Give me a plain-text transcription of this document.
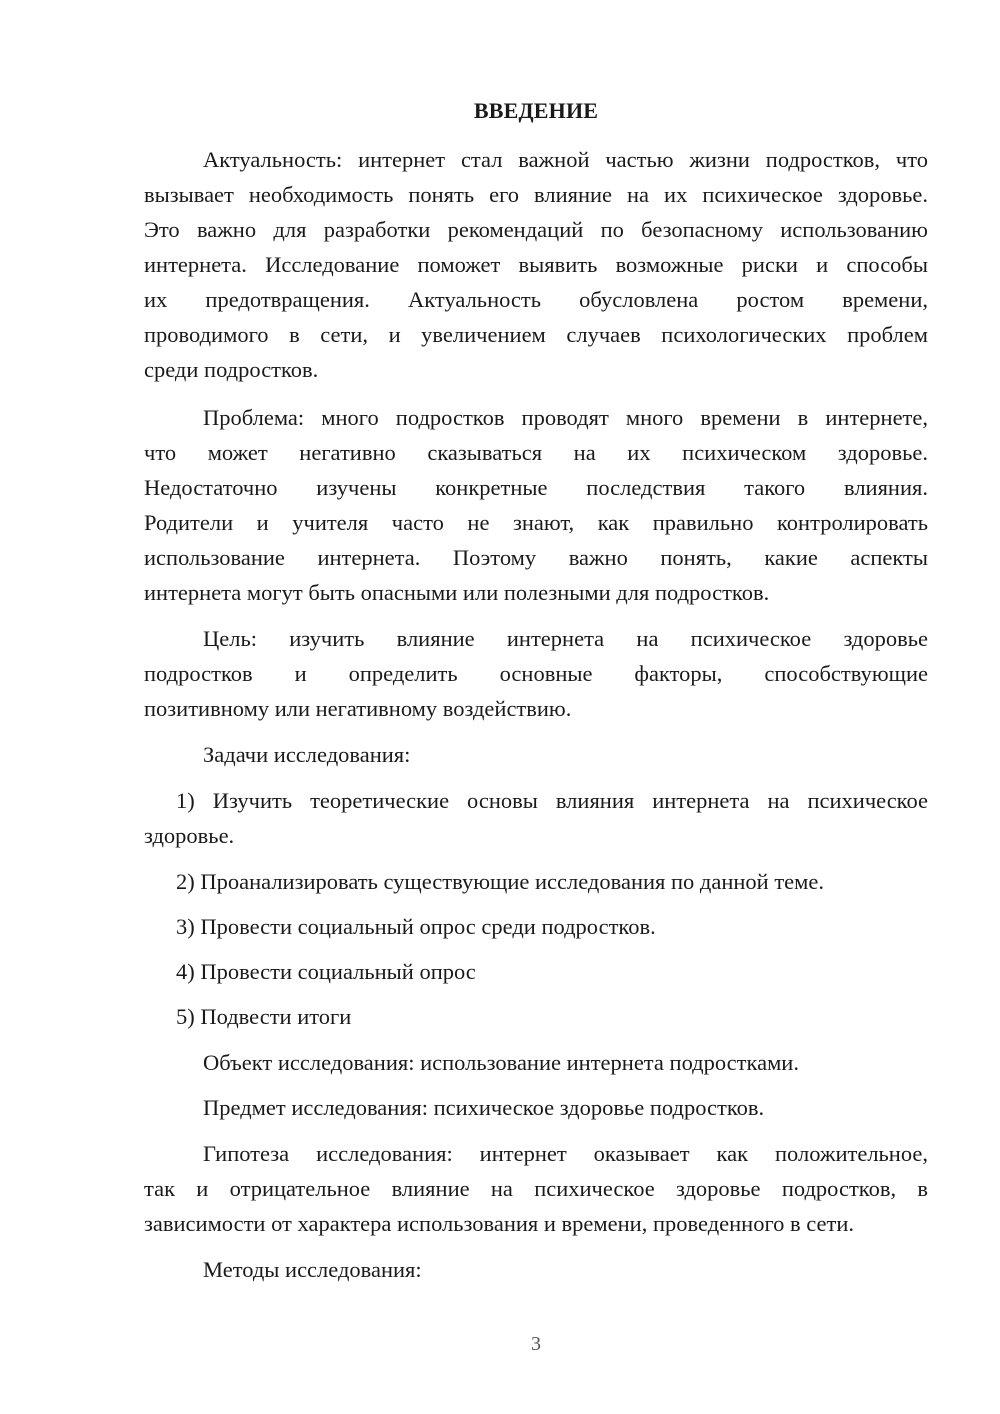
ВВЕДЕНИЕ
Актуальность: интернет стал важной частью жизни подростков, что
вызывает необходимость понять его влияние на их психическое здоровье.
Это важно для разработки рекомендаций по безопасному использованию
интернета. Исследование поможет выявить возможные риски и способы
их предотвращения. Актуальность обусловлена ростом времени,
проводимого в сети, и увеличением случаев психологических проблем
среди подростков.
Проблема: много подростков проводят много времени в интернете,
что может негативно сказываться на их психическом здоровье.
Недостаточно изучены конкретные последствия такого влияния.
Родители и учителя часто не знают, как правильно контролировать
использование интернета. Поэтому важно понять, какие аспекты
интернета могут быть опасными или полезными для подростков.
Цель: изучить влияние интернета на психическое здоровье
подростков и определить основные факторы, способствующие
позитивному или негативному воздействию.
Задачи исследования:
1) Изучить теоретические основы влияния интернета на психическое
здоровье.
2) Проанализировать существующие исследования по данной теме.
3) Провести социальный опрос среди подростков.
4) Провести социальный опрос
5) Подвести итоги
Объект исследования: использование интернета подростками.
Предмет исследования: психическое здоровье подростков.
Гипотеза исследования: интернет оказывает как положительное,
так и отрицательное влияние на психическое здоровье подростков, в
зависимости от характера использования и времени, проведенного в сети.
Методы исследования:
3
